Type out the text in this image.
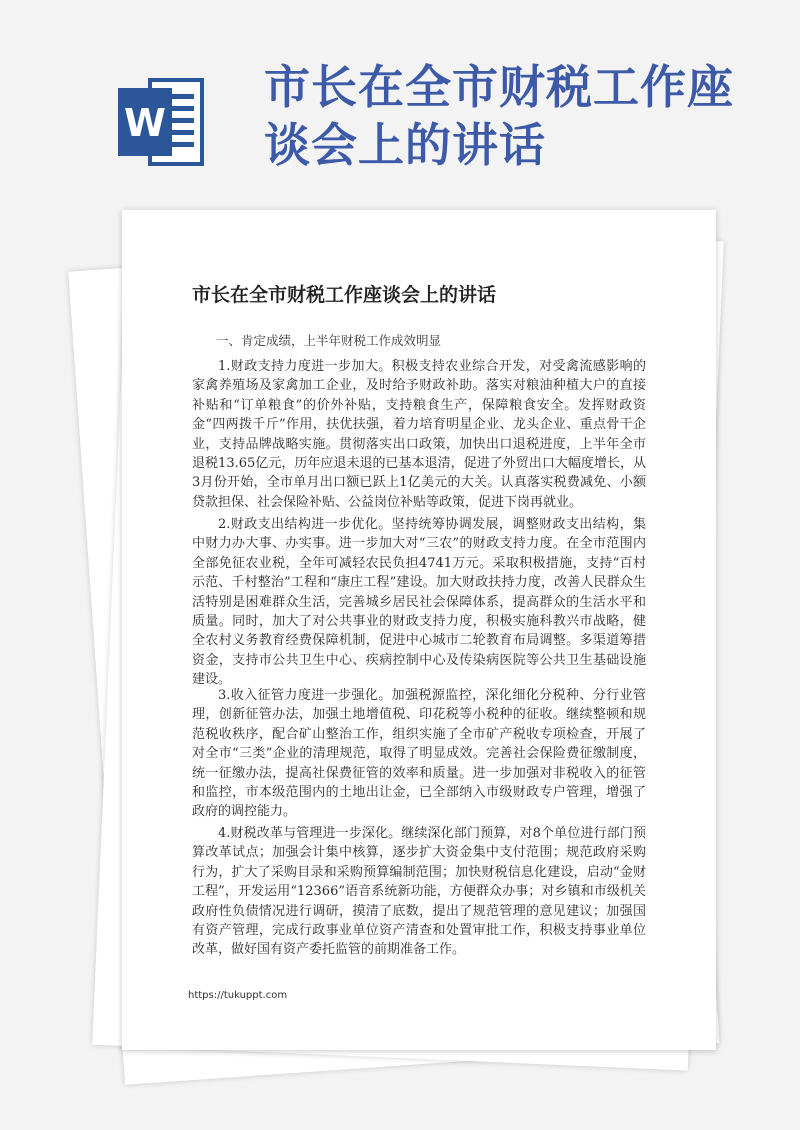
W
市长在全市财税工作座谈会上的讲话
市长在全市财税工作座谈会上的讲话
一、肯定成绩，上半年财税工作成效明显

1.财政支持力度进一步加大。积极支持农业综合开发，对受禽流感影响的家禽养殖场及家禽加工企业，及时给予财政补助。落实对粮油种植大户的直接补贴和“订单粮食”的价外补贴，支持粮食生产，保障粮食安全。发挥财政资金“四两拨千斤”作用，扶优扶强，着力培育明星企业、龙头企业、重点骨干企业，支持品牌战略实施。贯彻落实出口政策，加快出口退税进度，上半年全市退税13.65亿元，历年应退未退的已基本退清，促进了外贸出口大幅度增长，从3月份开始，全市单月出口额已跃上1亿美元的大关。认真落实税费减免、小额贷款担保、社会保险补贴、公益岗位补贴等政策，促进下岗再就业。

2.财政支出结构进一步优化。坚持统筹协调发展，调整财政支出结构，集中财力办大事、办实事。进一步加大对“三农”的财政支持力度。在全市范围内全部免征农业税，全年可减轻农民负担4741万元。采取积极措施，支持“百村示范、千村整治”工程和“康庄工程”建设。加大财政扶持力度，改善人民群众生活特别是困难群众生活，完善城乡居民社会保障体系，提高群众的生活水平和质量。同时，加大了对公共事业的财政支持力度，积极实施科教兴市战略，健全农村义务教育经费保障机制，促进中心城市二轮教育布局调整。多渠道筹措资金，支持市公共卫生中心、疾病控制中心及传染病医院等公共卫生基础设施建设。

3.收入征管力度进一步强化。加强税源监控，深化细化分税种、分行业管理，创新征管办法，加强土地增值税、印花税等小税种的征收。继续整顿和规范税收秩序，配合矿山整治工作，组织实施了全市矿产税收专项检查，开展了对全市“三类”企业的清理规范，取得了明显成效。完善社会保险费征缴制度，统一征缴办法，提高社保费征管的效率和质量。进一步加强对非税收入的征管和监控，市本级范围内的土地出让金，已全部纳入市级财政专户管理，增强了政府的调控能力。

4.财税改革与管理进一步深化。继续深化部门预算，对8个单位进行部门预算改革试点；加强会计集中核算，逐步扩大资金集中支付范围；规范政府采购行为，扩大了采购目录和采购预算编制范围；加快财税信息化建设，启动“金财工程”，开发运用“12366”语音系统新功能，方便群众办事；对乡镇和市级机关政府性负债情况进行调研，摸清了底数，提出了规范管理的意见建议；加强国有资产管理，完成行政事业单位资产清查和处置审批工作，积极支持事业单位改革，做好国有资产委托监管的前期准备工作。

https://tukuppt.com
